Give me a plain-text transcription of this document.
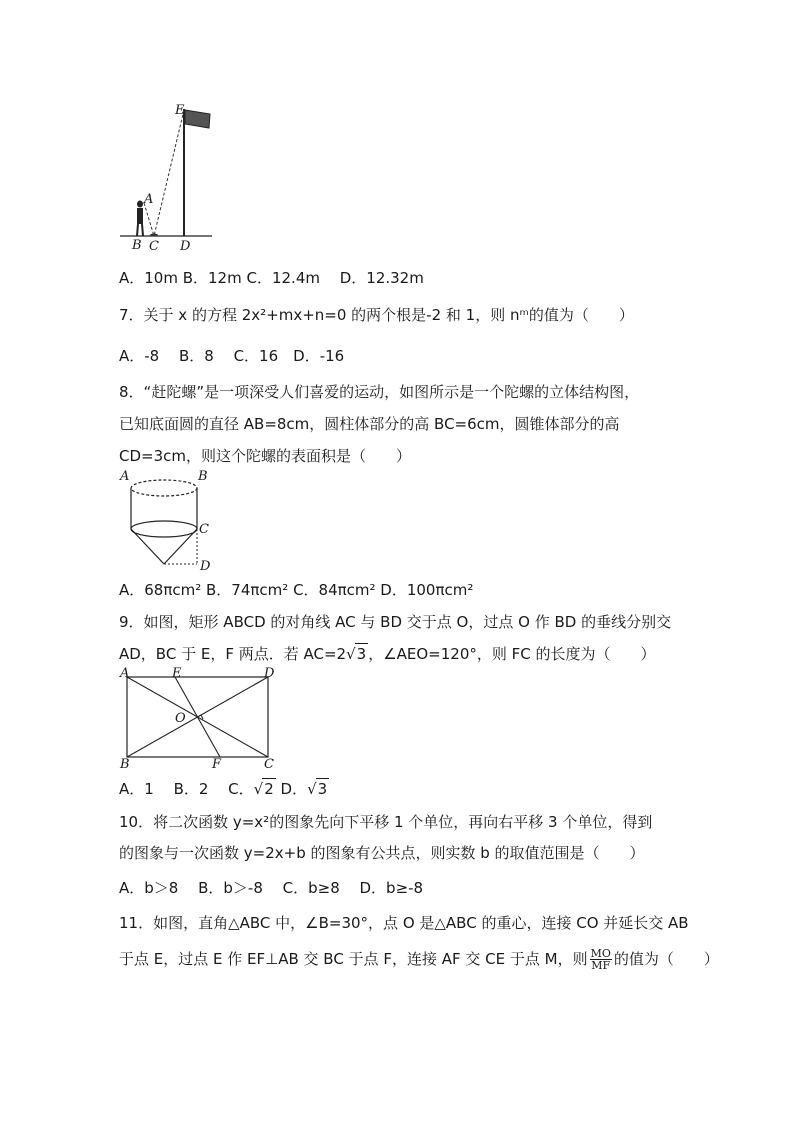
E
A
B C D
A．10m B．12m C．12.4m　 D．12.32m
7．关于 x 的方程 2x²+mx+n=0 的两个根是-2 和 1，则 nᵐ的值为（　　）
A．-8　 B．8　 C．16　D．-16
8．“赶陀螺”是一项深受人们喜爱的运动，如图所示是一个陀螺的立体结构图，
已知底面圆的直径 AB=8cm，圆柱体部分的高 BC=6cm，圆锥体部分的高
CD=3cm，则这个陀螺的表面积是（　　）
A	B
C
D
A．68πcm² B．74πcm² C．84πcm² D．100πcm²
9．如图，矩形 ABCD 的对角线 AC 与 BD 交于点 O，过点 O 作 BD 的垂线分别交
AD，BC 于 E，F 两点．若 AC=2√3 ，∠AEO=120°，则 FC 的长度为（　　）
A	E	D
O
B	F	C
A．1　 B．2　 C．√2 D．√3
10．将二次函数 y=x²的图象先向下平移 1 个单位，再向右平移 3 个单位，得到
的图象与一次函数 y=2x+b 的图象有公共点，则实数 b 的取值范围是（　　）
A．b＞8　 B．b＞-8　 C．b≥8　 D．b≥-8
11．如图，直角△ABC 中，∠B=30°，点 O 是△ABC 的重心，连接 CO 并延长交 AB
于点 E，过点 E 作 EF⊥AB 交 BC 于点 F，连接 AF 交 CE 于点 M，则 $\frac{MO}{MF}$ 的值为（　　）
